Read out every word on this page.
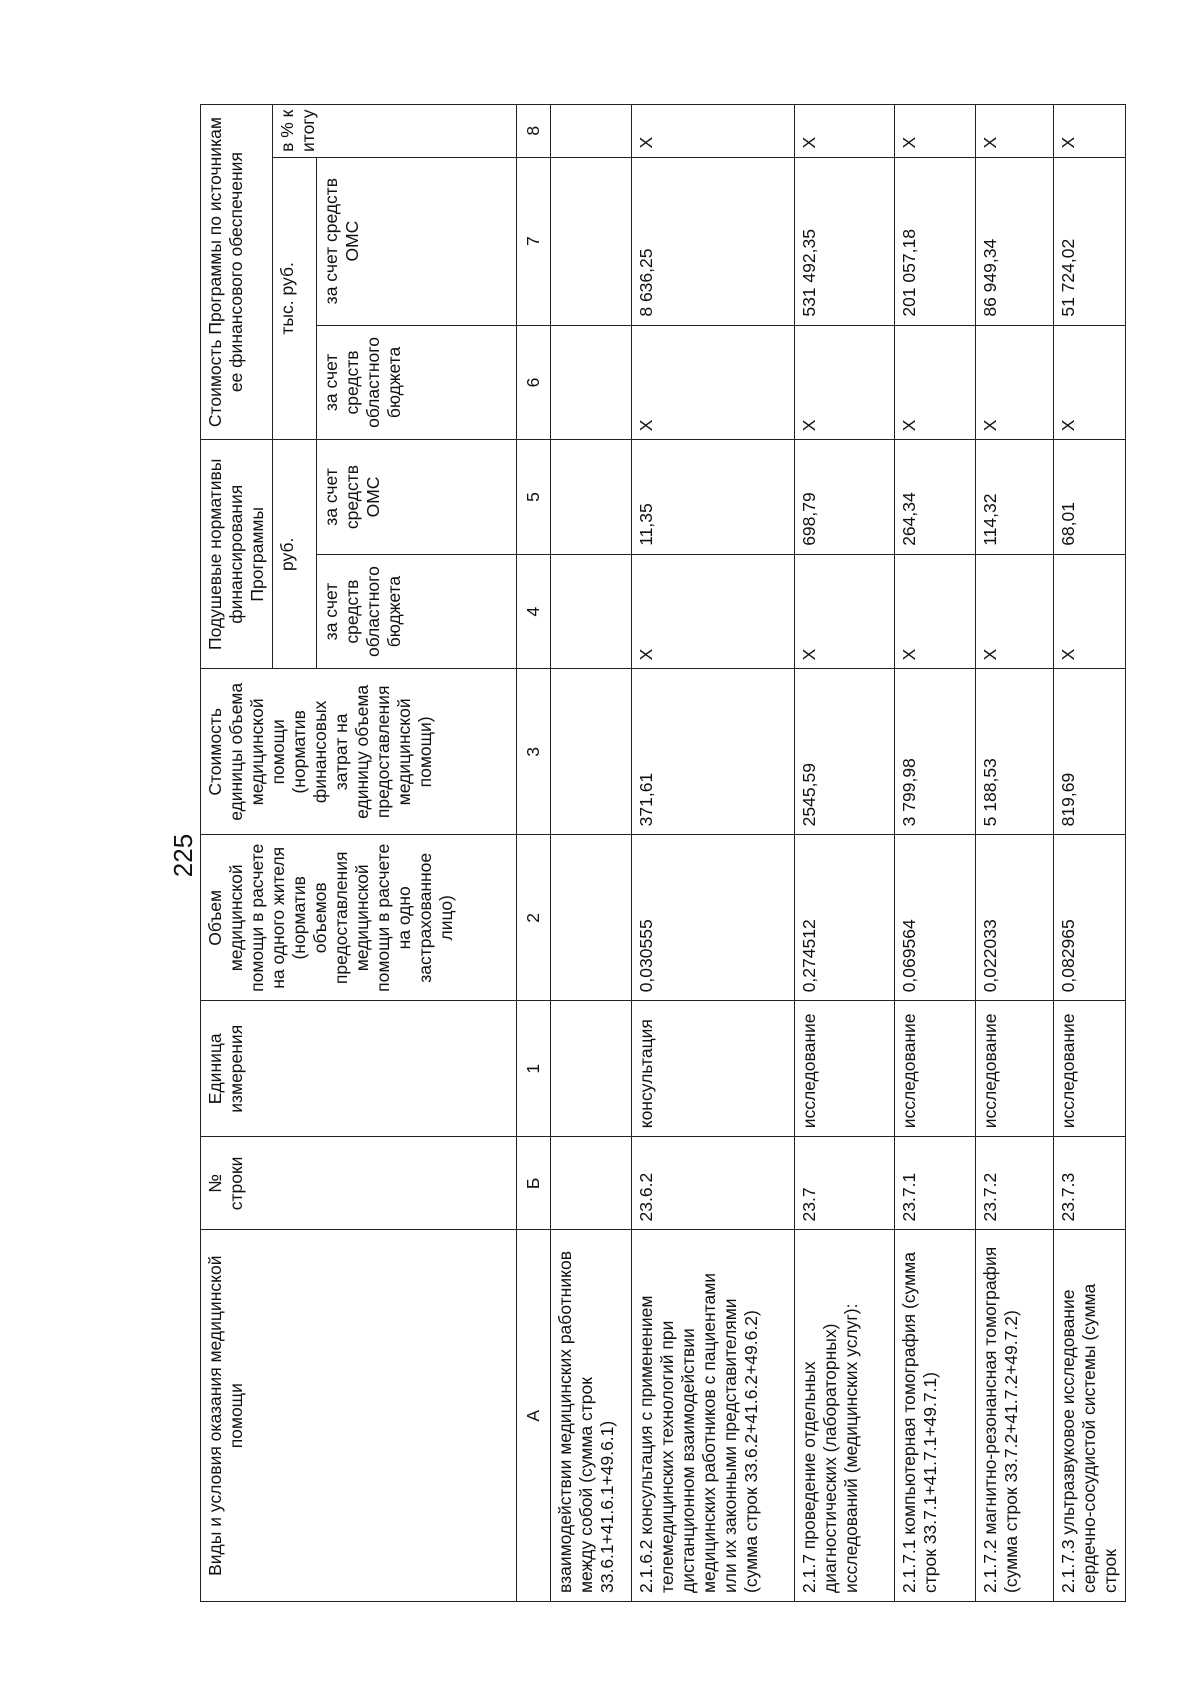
225
Виды и условия оказания медицинской помощи	№ строки	Единица измерения	Объем медицинской помощи в расчете на одного жителя (норматив объемов предоставления медицинской помощи в расчете на одно застрахованное лицо)	Стоимость единицы объема медицинской помощи (норматив финансовых затрат на единицу объема предоставления медицинской помощи)	Подушевые нормативы финансирования Программы		Стоимость Программы по источникам ее финансового обеспечения		
					руб.		тыс. руб.		в % к итогу
					за счет средств областного бюджета	за счет средств ОМС	за счет средств областного бюджета	за счет средств ОМС	
А	Б	1	2	3	4	5	6	7	8
взаимодействии медицинских работников между собой (сумма строк 33.6.1+41.6.1+49.6.1)									
2.1.6.2 консультация с применением телемедицинских технологий при дистанционном взаимодействии медицинских работников с пациентами или их законными представителями (сумма строк 33.6.2+41.6.2+49.6.2)	23.6.2	консультация	0,030555	371,61	Х	11,35	Х	8 636,25	Х
2.1.7 проведение отдельных диагностических (лабораторных) исследований (медицинских услуг):	23.7	исследование	0,274512	2545,59	Х	698,79	Х	531 492,35	Х
2.1.7.1 компьютерная томография (сумма строк 33.7.1+41.7.1+49.7.1)	23.7.1	исследование	0,069564	3 799,98	Х	264,34	Х	201 057,18	Х
2.1.7.2 магнитно-резонансная томография (сумма строк 33.7.2+41.7.2+49.7.2)	23.7.2	исследование	0,022033	5 188,53	Х	114,32	Х	86 949,34	Х
2.1.7.3 ультразвуковое исследование сердечно-сосудистой системы (сумма строк	23.7.3	исследование	0,082965	819,69	Х	68,01	Х	51 724,02	Х
